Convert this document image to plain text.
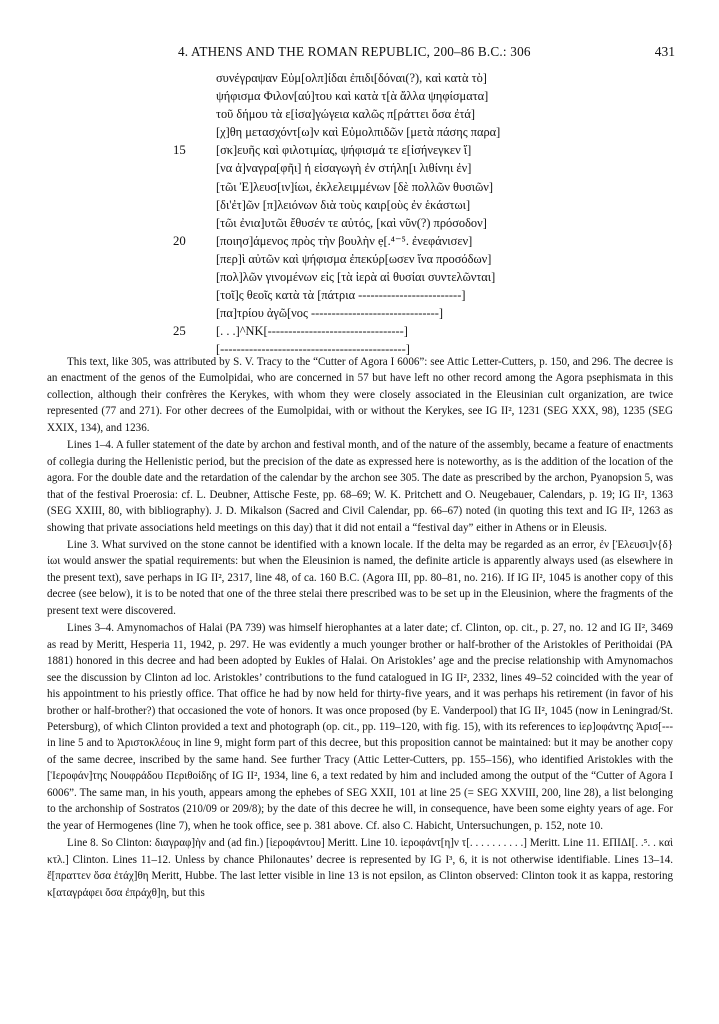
4. ATHENS AND THE ROMAN REPUBLIC, 200–86 B.C.: 306	431
συνέγραψαν Εὐμ[ολπ]ίδαι ἐπιδι[δόναι(?), καὶ κατὰ τὸ]
ψήφισμα Φιλον[αύ]του καὶ κατὰ τ[ὰ ἄλλα ψηφίσματα]
τοῦ δήμου τὰ ε[ἰσα]γώγεια καλῶς π[ράττει ὅσα ἐτά]
[χ]θη μετασχόντ[ω]ν καὶ Εὐμολπιδῶν [μετὰ πάσης παρα]
15	[σκ]ευῆς καὶ φιλοτιμίας, ψήφισμά τε ε[ἰσήνεγκεν ἵ]
[να ἀ]ναγρα[φῆι] ἡ εἰσαγωγὴ ἐν στήλη[ι λιθίνηι ἐν]
[τῶι Ἐ]λευσ[ιν]ίωι, ἐκλελειμμένων [δὲ πολλῶν θυσιῶν]
[δι'ἐτ]ῶν [π]λειόνων διὰ τοὺς καιρ[οὺς ἐν ἑκάστωι]
[τῶι ἐνια]υτῶι ἔθυσέν τε αὐτός, [καὶ νῦν(?) πρόσοδον]
20	[ποιησ]άμενος πρὸς τὴν βουλὴν ẹ[.⁴⁻⁵. ἐνεφάνισεν]
[περ]ὶ αὐτῶν καὶ ψήφισμα ἐπεκύρ[ωσεν ἵνα προσόδων]
[πολ]λῶν γινομένων εἰς [τὰ ἱερὰ αἱ θυσίαι συντελῶνται]
[τοῖ]ς θεοῖς κατὰ τὰ [πάτρια -------------------------]
[πα]τρίου ἀγῶ[νος -------------------------------]
25	[. . .]^ΝΚ[---------------------------------]
[---------------------------------------------]

This text, like 305, was attributed by S. V. Tracy to the “Cutter of Agora I 6006”: see Attic Letter-Cutters, p. 150, and 296. The decree is an enactment of the genos of the Eumolpidai, who are concerned in 57 but have left no other record among the Agora psephismata in this collection, although their confrères the Kerykes, with whom they were closely associated in the Eleusinian cult organization, are twice represented (77 and 271). For other decrees of the Eumolpidai, with or without the Kerykes, see IG II², 1231 (SEG XXX, 98), 1235 (SEG XXIX, 134), and 1236.

Lines 1–4. A fuller statement of the date by archon and festival month, and of the nature of the assembly, became a feature of enactments of collegia during the Hellenistic period, but the precision of the date as expressed here is noteworthy, as is the addition of the location of the agora. For the double date and the retardation of the calendar by the archon see 305. The date as prescribed by the archon, Pyanopsion 5, was that of the festival Proerosia: cf. L. Deubner, Attische Feste, pp. 68–69; W. K. Pritchett and O. Neugebauer, Calendars, p. 19; IG II², 1363 (SEG XXIII, 80, with bibliography). J. D. Mikalson (Sacred and Civil Calendar, pp. 66–67) noted (in quoting this text and IG II², 1263 as showing that private associations held meetings on this day) that it did not entail a “festival day” either in Athens or in Eleusis.

Line 3. What survived on the stone cannot be identified with a known locale. If the delta may be regarded as an error, ἐν [Ἐλευσι]ν{δ}ίωι would answer the spatial requirements: but when the Eleusinion is named, the definite article is apparently always used (as elsewhere in the present text), save perhaps in IG II², 2317, line 48, of ca. 160 B.C. (Agora III, pp. 80–81, no. 216). If IG II², 1045 is another copy of this decree (see below), it is to be noted that one of the three stelai there prescribed was to be set up in the Eleusinion, where the fragments of the present text were discovered.

Lines 3–4. Amynomachos of Halai (PA 739) was himself hierophantes at a later date; cf. Clinton, op. cit., p. 27, no. 12 and IG II², 3469 as read by Meritt, Hesperia 11, 1942, p. 297. He was evidently a much younger brother or half-brother of the Aristokles of Perithoidai (PA 1881) honored in this decree and had been adopted by Eukles of Halai. On Aristokles’ age and the precise relationship with Amynomachos see the discussion by Clinton ad loc. Aristokles’ contributions to the fund catalogued in IG II², 2332, lines 49–52 coincided with the year of his appointment to his priestly office. That office he had by now held for thirty-five years, and it was perhaps his retirement (in favor of his brother or half-brother?) that occasioned the vote of honors. It was once proposed (by E. Vanderpool) that IG II², 1045 (now in Leningrad/St. Petersburg), of which Clinton provided a text and photograph (op. cit., pp. 119–120, with fig. 15), with its references to ἱερ]οφάντης Ἀρισ[--- in line 5 and to Ἀριστοκλέους in line 9, might form part of this decree, but this proposition cannot be maintained: but it may be another copy of the same decree, inscribed by the same hand. See further Tracy (Attic Letter-Cutters, pp. 155–156), who identified Aristokles with the [Ἱεροφάν]της Νουφράδου Περιθοίδης of IG II², 1934, line 6, a text redated by him and included among the output of the “Cutter of Agora I 6006”. The same man, in his youth, appears among the ephebes of SEG XXII, 101 at line 25 (= SEG XXVIII, 200, line 28), a list belonging to the archonship of Sostratos (210/09 or 209/8); by the date of this decree he will, in consequence, have been some eighty years of age. For the year of Hermogenes (line 7), when he took office, see p. 381 above. Cf. also C. Habicht, Untersuchungen, p. 152, note 10.

Line 8. So Clinton: διαγραφ]ὴν and (ad fin.) [ἱεροφάντου] Meritt. Line 10. ἱεροφάντ[η]ν τ[. . . . . . . . . .] Meritt. Line 11. ΕΠΙΔΙ[. .⁵. . καὶ κτλ.] Clinton. Lines 11–12. Unless by chance Philonautes’ decree is represented by IG I³, 6, it is not otherwise identifiable. Lines 13–14. ἔ[πραττεν ὅσα ἐτάχ]θη Meritt, Hubbe. The last letter visible in line 13 is not epsilon, as Clinton observed: Clinton took it as kappa, restoring κ[αταγράφει ὅσα ἐπράχθ]η, but this
